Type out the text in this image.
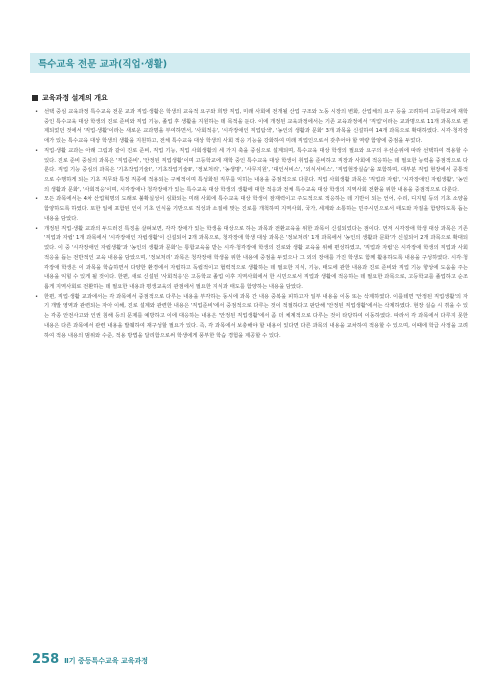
특수교육 전문 교과(직업·생활)
교육과정 설계의 개요
• 선택 중심 교육과정 특수교육 전문 교과 직업·생활은 학생의 교육적 요구와 희망 직업, 미래 사회에 전개될 산업 구조와 노동 시장의 변화, 산업체의 요구 등을 고려하여 고등학교에 재학 중인 특수교육 대상 학생의 진로 준비와 직업 기능, 졸업 후 생활을 지원하는 데 목적을 둔다. 이에 개정된 교육과정에서는 기존 교육과정에서 '직업'이라는 교과명으로 11개 과목으로 편제되었던 것에서 '직업·생활'이라는 새로운 교과명을 부여하면서, '사회적응', '시각장애인 직업탐색', '농인의 생활과 문화' 3개 과목을 신설하여 14개 과목으로 확대하였다. 시각·청각장애가 있는 특수교육 대상 학생의 생활을 지원하고, 전체 특수교육 대상 학생의 사회 적응 기능을 강화하여 미래 직업인으로서 갖추어야 할 역량 함양에 중점을 두었다.
• 직업·생활 교과는 아래 그림과 같이 진로 준비, 직업 기능, 직업 사회생활의 세 가지 축을 중심으로 설계되며, 특수교육 대상 학생의 필요와 요구의 우선순위에 따라 선택하여 적용할 수 있다. 진로 준비 중심의 과목은 '직업준비', '안정된 직업생활'이며 고등학교에 재학 중인 특수교육 대상 학생이 취업을 준비하고 직장과 사회에 적응하는 데 필요한 능력을 중점적으로 다룬다. 직업 기능 중심의 과목은 '기초작업기술Ⅰ', '기초작업기술Ⅱ', '정보처리', '농생명', '사무지원', '대인서비스', '외식서비스', '직업현장실습'을 포함하며, 대부분 직업 현장에서 공통적으로 수행하게 되는 기초 직무와 특정 직종에 적용되는 구체적이며 특성화된 직무를 익히는 내용을 중점적으로 다룬다. 직업 사회생활 과목은 '직업과 자립', '시각장애인 자립생활', '농인의 생활과 문화', '사회적응'이며, 시각장애나 청각장애가 있는 특수교육 대상 학생의 생활에 대한 적응과 전체 특수교육 대상 학생의 지역사회 전환을 위한 내용을 중점적으로 다룬다.
• 모든 과목에서는 4차 산업혁명의 도래로 불확실성이 심화되는 미래 사회에 특수교육 대상 학생이 잠재력이고 주도적으로 적응하는 데 기반이 되는 언어, 수리, 디지털 등의 기초 소양을 함양하도록 하였다. 또한 일에 포함된 인이 기초 인식을 기반으로 적성과 소질에 맞는 진로를 개척하며 지역사회, 국가, 세계와 소통하는 민주시민으로서 태도와 자질을 함양하도록 돕는 내용을 담았다.
• 개정된 직업·생활 교과의 두드러진 특징을 살펴보면, 각각 장애가 있는 학생을 대상으로 하는 과목과 전환교육을 위한 과목이 신설되었다는 점이다. 먼저 시각장애 학생 대상 과목은 기존 '직업과 자립' 1개 과목에서 '시각장애인 자립생활'이 신설되어 2개 과목으로, 청각장애 학생 대상 과목은 '정보처리' 1개 과목에서 '농인의 생활과 문화'가 신설되어 2개 과목으로 확대되었다. 이 중 '시각장애인 자립생활'과 '농인의 생활과 문화'는 통합교육을 받는 시각·청각장애 학생의 진로와 생활 교육을 위해 편성하였고, '직업과 자립'은 시각장애 학생의 직업과 사회 적응을 돕는 전반적인 교육 내용을 담았으며, '정보처리' 과목은 청각장애 학생을 위한 내용에 중점을 두었으나 그 외의 장애를 가진 학생도 함께 활용하도록 내용을 구성하였다. 시각·청각장애 학생은 이 과목을 학습하면서 다양한 환경에서 자립하고 독립적이고 협력적으로 생활하는 데 필요한 지식, 기능, 태도에 관한 내용과 진로 준비와 직업 기능 향상에 도움을 주는 내용을 익힐 수 있게 될 것이다. 한편, 새로 신설된 '사회적응'은 고등학교 졸업 이후 지역사회에서 한 시민으로서 직업과 생활에 적응하는 데 필요한 과목으로, 고등학교를 졸업하고 순조롭게 지역사회로 전환하는 데 필요한 내용과 평생교육의 관점에서 필요한 지식과 태도를 함양하는 내용을 담았다.
• 한편, 직업·생활 교과에서는 각 과목에서 중점적으로 다루는 내용을 부각하는 동시에 과목 간 내용 중복을 피하고자 일부 내용을 이동 또는 삭제하였다. 이를테면 '안정된 직업생활'의 자기 개발 영역과 관련되는 자아 이해, 진로 설계와 관련한 내용은 '직업준비'에서 중점적으로 다루는 것이 적절하다고 판단해 '안정된 직업생활'에서는 삭제하였다. 현장 실습 시 겪을 수 있는 각종 안전사고와 인권 침해 등의 문제를 예방하고 이에 대응하는 내용은 '안정된 직업생활'에서 좀 더 체계적으로 다루는 것이 타당하여 이동하였다. 따라서 각 과목에서 다루지 못한 내용은 다른 과목에서 관련 내용을 발췌하여 재구성할 필요가 있다. 즉, 각 과목에서 보충해야 할 내용이 있다면 다른 과목의 내용을 교차하여 적용할 수 있으며, 이때에 학급 사정을 고려하여 적용 내용의 범위와 수준, 적용 방법을 달리함으로써 학생에게 풍부한 학습 경험을 제공할 수 있다.
258 Ⅱ기 중등특수교육 교육과정
